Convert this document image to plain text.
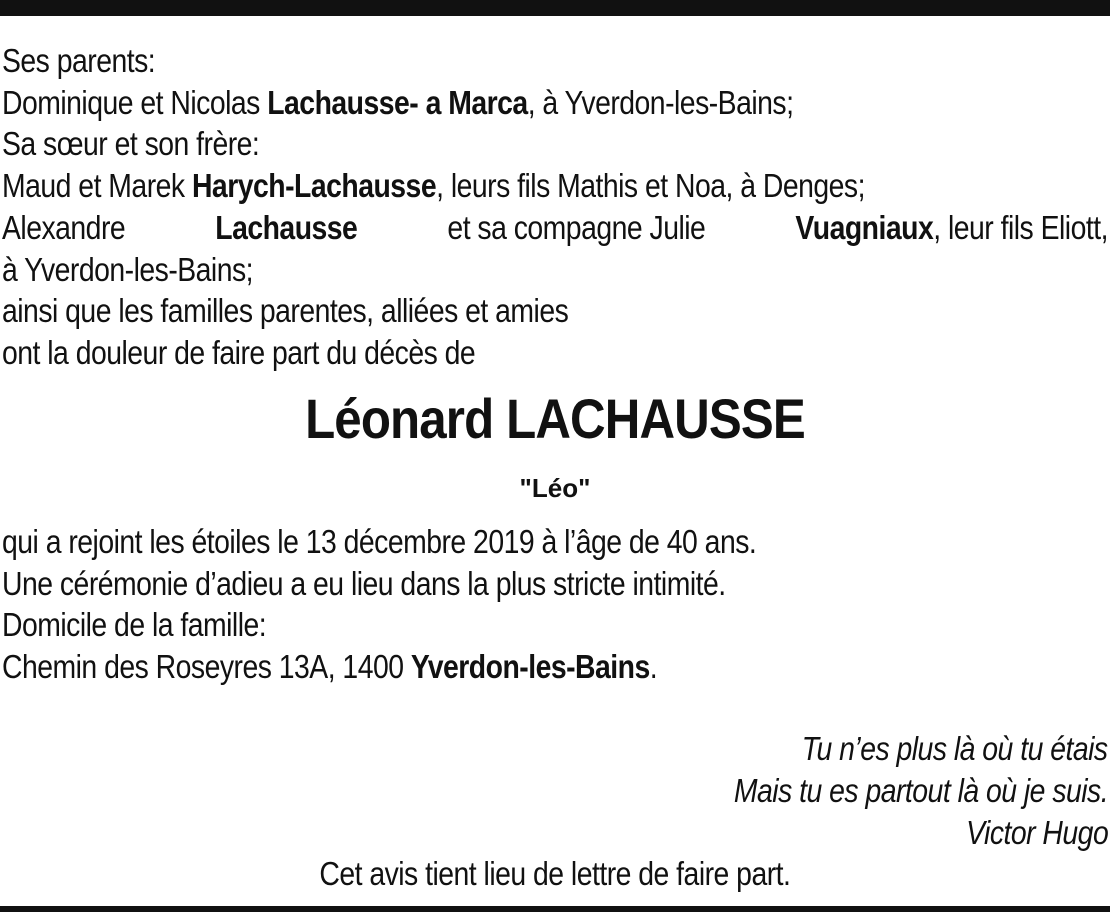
Ses parents:
Dominique et Nicolas Lachausse- a Marca, à Yverdon-les-Bains;
Sa sœur et son frère:
Maud et Marek Harych-Lachausse, leurs fils Mathis et Noa, à Denges;
Alexandre	Lachausse	et sa compagne Julie	Vuagniaux, leur fils Eliott,
à Yverdon-les-Bains;
ainsi que les familles parentes, alliées et amies
ont la douleur de faire part du décès de
Léonard LACHAUSSE
"Léo"
qui a rejoint les étoiles le 13 décembre 2019 à l’âge de 40 ans.
Une cérémonie d’adieu a eu lieu dans la plus stricte intimité.
Domicile de la famille:
Chemin des Roseyres 13A, 1400 Yverdon-les-Bains.
Tu n’es plus là où tu étais
Mais tu es partout là où je suis.
Victor Hugo
Cet avis tient lieu de lettre de faire part.
